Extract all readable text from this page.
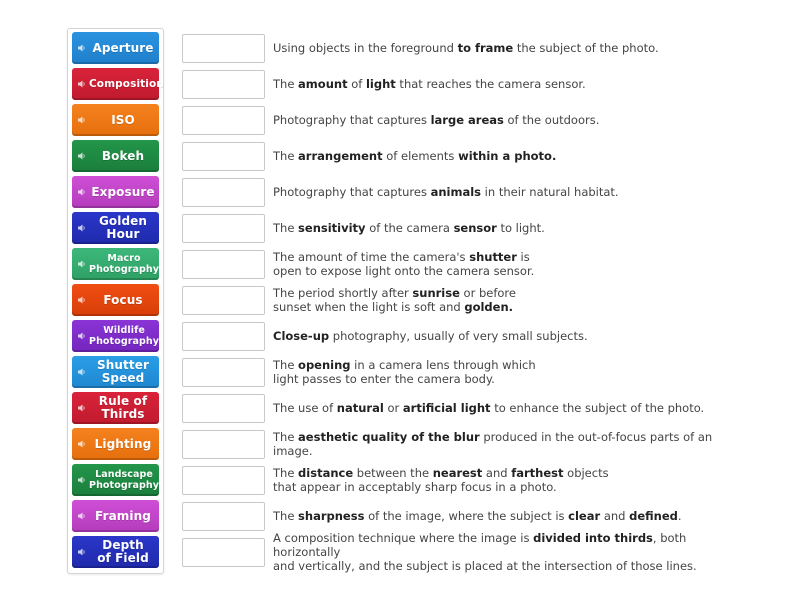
Aperture
Composition
ISO
Bokeh
Exposure
Golden
Hour
Macro
Photography
Focus
Wildlife
Photography
Shutter
Speed
Rule of
Thirds
Lighting
Landscape
Photography
Framing
Depth
of Field
Using objects in the foreground to frame the subject of the photo.
The amount of light that reaches the camera sensor.
Photography that captures large areas of the outdoors.
The arrangement of elements within a photo.
Photography that captures animals in their natural habitat.
The sensitivity of the camera sensor to light.
The amount of time the camera's shutter is
open to expose light onto the camera sensor.
The period shortly after sunrise or before
sunset when the light is soft and golden.
Close-up photography, usually of very small subjects.
The opening in a camera lens through which
light passes to enter the camera body.
The use of natural or artificial light to enhance the subject of the photo.
The aesthetic quality of the blur produced in the out-of-focus parts of an image.
The distance between the nearest and farthest objects
that appear in acceptably sharp focus in a photo.
The sharpness of the image, where the subject is clear and defined.
A composition technique where the image is divided into thirds, both horizontally
and vertically, and the subject is placed at the intersection of those lines.
